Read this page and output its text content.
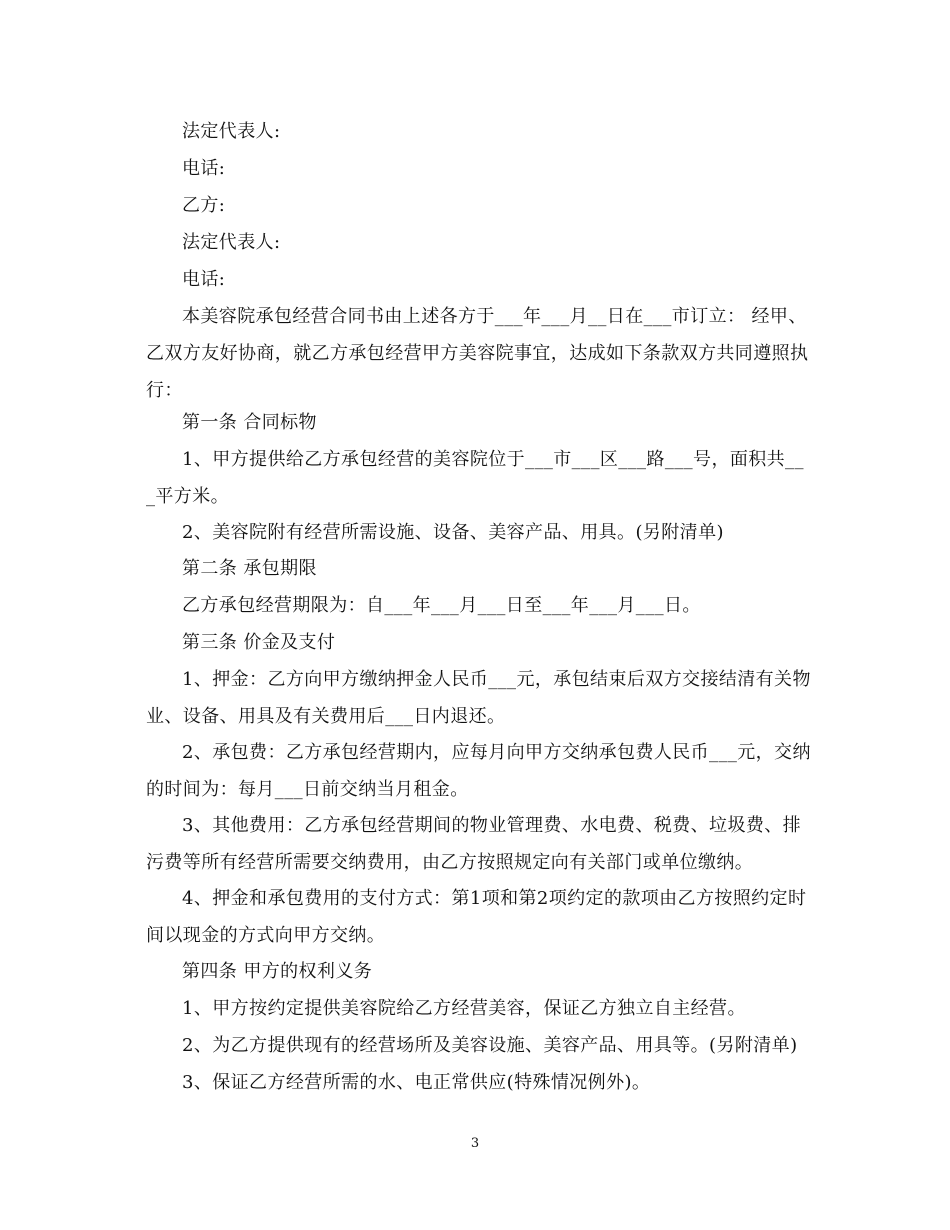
法定代表人:
电话:
乙方:
法定代表人:
电话:
本美容院承包经营合同书由上述各方于___年___月__日在___市订立： 经甲、乙双方友好协商，就乙方承包经营甲方美容院事宜，达成如下条款双方共同遵照执行：
第一条 合同标物
1、甲方提供给乙方承包经营的美容院位于___市___区___路___号，面积共___平方米。
2、美容院附有经营所需设施、设备、美容产品、用具。(另附清单)
第二条 承包期限
乙方承包经营期限为：自___年___月___日至___年___月___日。
第三条 价金及支付
1、押金：乙方向甲方缴纳押金人民币___元，承包结束后双方交接结清有关物业、设备、用具及有关费用后___日内退还。
2、承包费：乙方承包经营期内，应每月向甲方交纳承包费人民币___元，交纳的时间为：每月___日前交纳当月租金。
3、其他费用：乙方承包经营期间的物业管理费、水电费、税费、垃圾费、排污费等所有经营所需要交纳费用，由乙方按照规定向有关部门或单位缴纳。
4、押金和承包费用的支付方式：第1项和第2项约定的款项由乙方按照约定时间以现金的方式向甲方交纳。
第四条 甲方的权利义务
1、甲方按约定提供美容院给乙方经营美容，保证乙方独立自主经营。
2、为乙方提供现有的经营场所及美容设施、美容产品、用具等。(另附清单)
3、保证乙方经营所需的水、电正常供应(特殊情况例外)。
3
